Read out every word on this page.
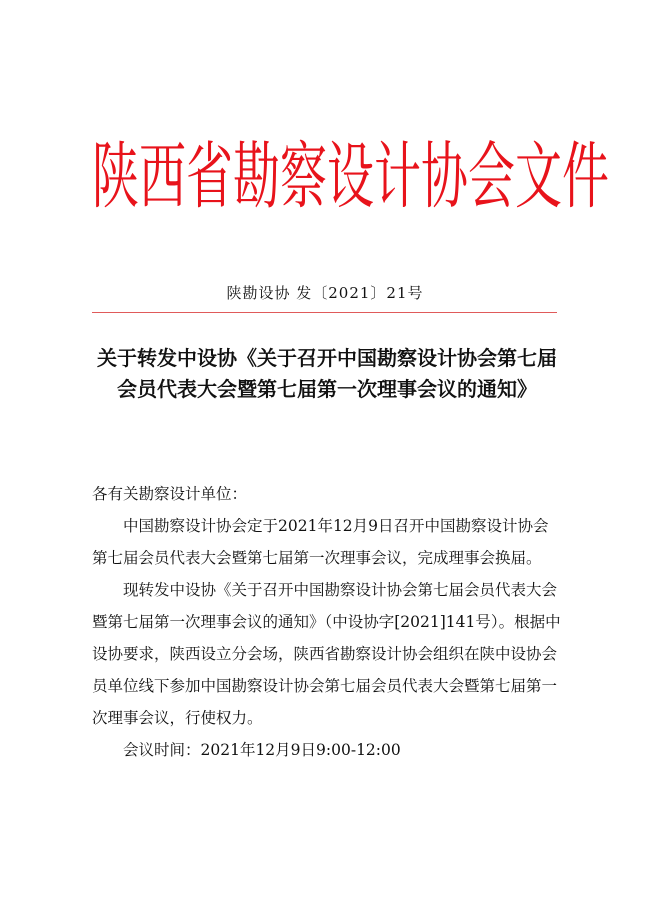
陕西省勘察设计协会文件
陕勘设协 发〔2021〕21号
关于转发中设协《关于召开中国勘察设计协会第七届会员代表大会暨第七届第一次理事会议的通知》

各有关勘察设计单位：

中国勘察设计协会定于2021年12月9日召开中国勘察设计协会第七届会员代表大会暨第七届第一次理事会议，完成理事会换届。

现转发中设协《关于召开中国勘察设计协会第七届会员代表大会暨第七届第一次理事会议的通知》（中设协字[2021]141号）。根据中设协要求，陕西设立分会场，陕西省勘察设计协会组织在陕中设协会员单位线下参加中国勘察设计协会第七届会员代表大会暨第七届第一次理事会议，行使权力。

会议时间：2021年12月9日9:00-12:00
